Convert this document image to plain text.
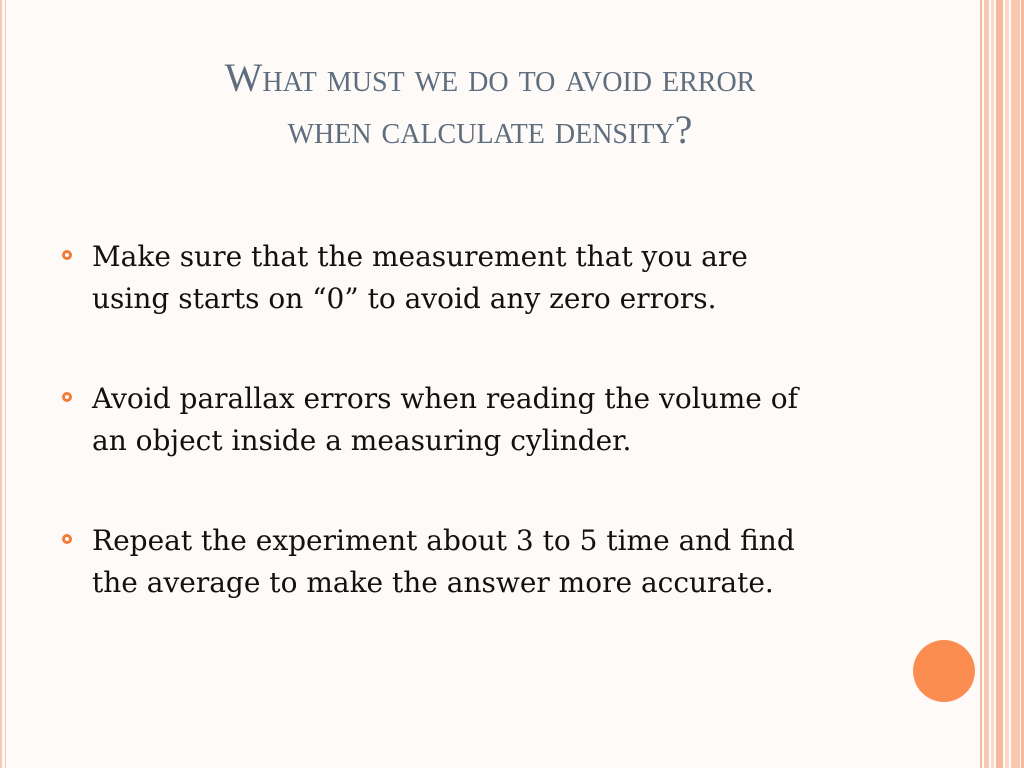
What must we do to avoid error
when calculate density?
Make sure that the measurement that you are
using starts on “0” to avoid any zero errors.
Avoid parallax errors when reading the volume of
an object inside a measuring cylinder.
Repeat the experiment about 3 to 5 time and find
the average to make the answer more accurate.
